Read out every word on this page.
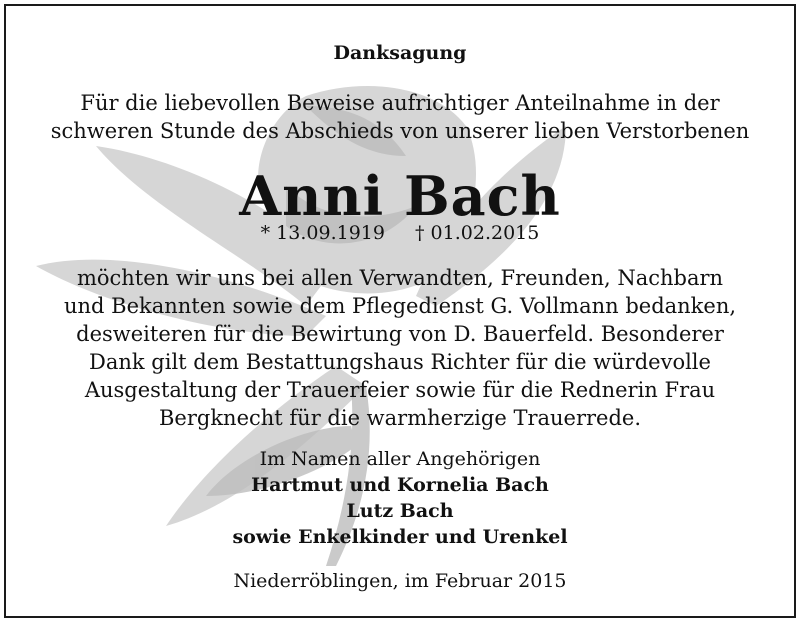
Danksagung
Für die liebevollen Beweise aufrichtiger Anteilnahme in der
schweren Stunde des Abschieds von unserer lieben Verstorbenen
Anni Bach
* 13.09.1919 † 01.02.2015
möchten wir uns bei allen Verwandten, Freunden, Nachbarn
und Bekannten sowie dem Pflegedienst G. Vollmann bedanken,
desweiteren für die Bewirtung von D. Bauerfeld. Besonderer
Dank gilt dem Bestattungshaus Richter für die würdevolle
Ausgestaltung der Trauerfeier sowie für die Rednerin Frau
Bergknecht für die warmherzige Trauerrede.
Im Namen aller Angehörigen
Hartmut und Kornelia Bach
Lutz Bach
sowie Enkelkinder und Urenkel
Niederröblingen, im Februar 2015
